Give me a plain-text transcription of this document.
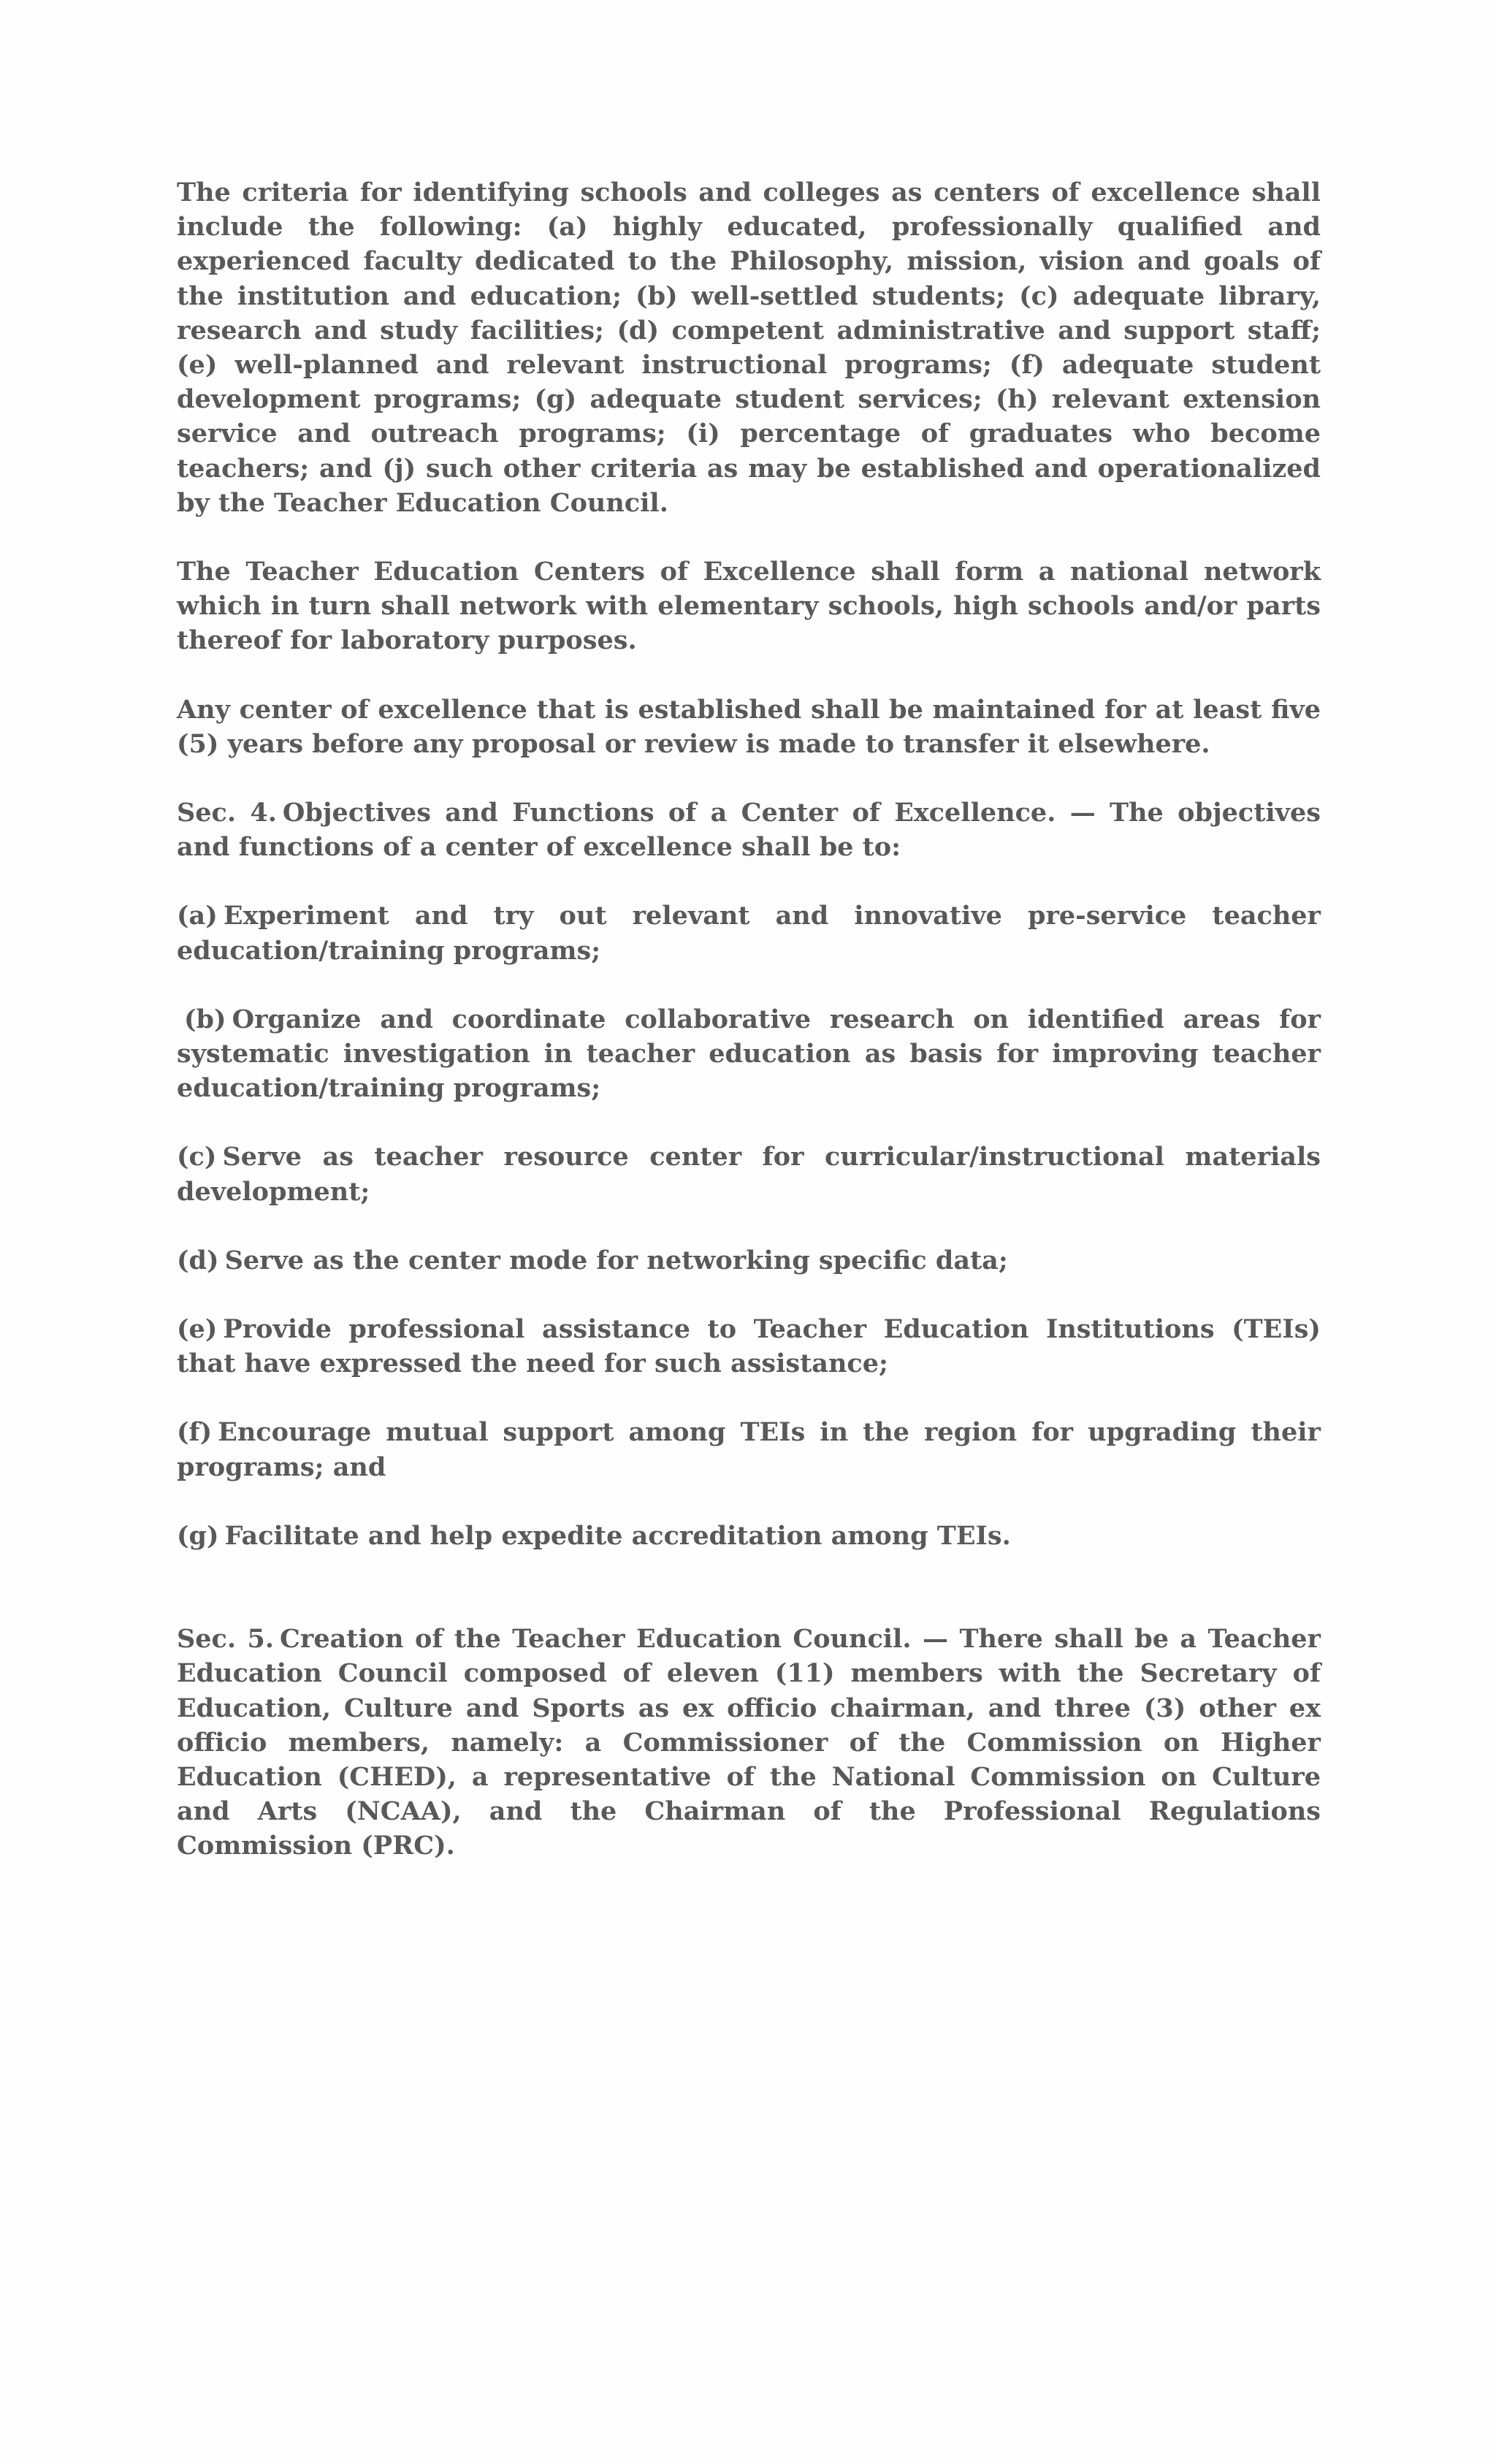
The criteria for identifying schools and colleges as centers of excellence shall include the following: (a) highly educated, professionally qualified and experienced faculty dedicated to the Philosophy, mission, vision and goals of the institution and education; (b) well-settled students; (c) adequate library, research and study facilities; (d) competent administrative and support staff; (e) well-planned and relevant instructional programs; (f) adequate student development programs; (g) adequate student services; (h) relevant extension service and outreach programs; (i) percentage of graduates who become teachers; and (j) such other criteria as may be established and operationalized by the Teacher Education Council.

The Teacher Education Centers of Excellence shall form a national network which in turn shall network with elementary schools, high schools and/or parts thereof for laboratory purposes.

Any center of excellence that is established shall be maintained for at least five (5) years before any proposal or review is made to transfer it elsewhere.

Sec. 4. Objectives and Functions of a Center of Excellence. — The objectives and functions of a center of excellence shall be to:

(a) Experiment and try out relevant and innovative pre-service teacher education/training programs;

(b) Organize and coordinate collaborative research on identified areas for systematic investigation in teacher education as basis for improving teacher education/training programs;

(c) Serve as teacher resource center for curricular/instructional materials development;

(d) Serve as the center mode for networking specific data;

(e) Provide professional assistance to Teacher Education Institutions (TEIs) that have expressed the need for such assistance;

(f) Encourage mutual support among TEIs in the region for upgrading their programs; and

(g) Facilitate and help expedite accreditation among TEIs.

Sec. 5. Creation of the Teacher Education Council. — There shall be a Teacher Education Council composed of eleven (11) members with the Secretary of Education, Culture and Sports as ex officio chairman, and three (3) other ex officio members, namely: a Commissioner of the Commission on Higher Education (CHED), a representative of the National Commission on Culture and Arts (NCAA), and the Chairman of the Professional Regulations Commission (PRC).
